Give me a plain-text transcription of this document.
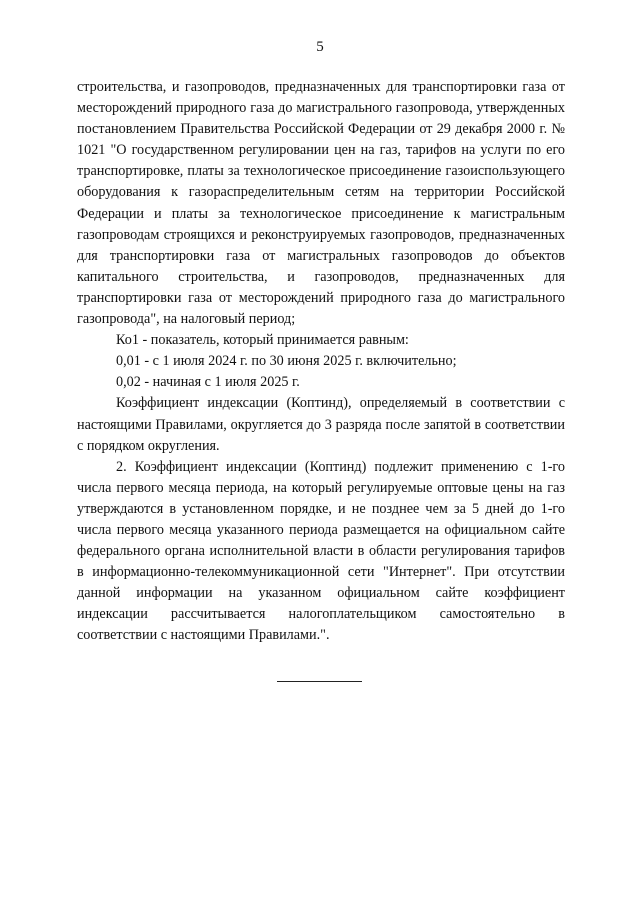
5

строительства, и газопроводов, предназначенных для транспортировки газа от месторождений природного газа до магистрального газопровода, утвержденных постановлением Правительства Российской Федерации от 29 декабря 2000 г. № 1021 "О государственном регулировании цен на газ, тарифов на услуги по его транспортировке, платы за технологическое присоединение газоиспользующего оборудования к газораспределительным сетям на территории Российской Федерации и платы за технологическое присоединение к магистральным газопроводам строящихся и реконструируемых газопроводов, предназначенных для транспортировки газа от магистральных газопроводов до объектов капитального строительства, и газопроводов, предназначенных для транспортировки газа от месторождений природного газа до магистрального газопровода", на налоговый период;

Ко1 - показатель, который принимается равным:

0,01 - с 1 июля 2024 г. по 30 июня 2025 г. включительно;

0,02 - начиная с 1 июля 2025 г.

Коэффициент индексации (Коптинд), определяемый в соответствии с настоящими Правилами, округляется до 3 разряда после запятой в соответствии с порядком округления.

2. Коэффициент индексации (Коптинд) подлежит применению с 1-го числа первого месяца периода, на который регулируемые оптовые цены на газ утверждаются в установленном порядке, и не позднее чем за 5 дней до 1-го числа первого месяца указанного периода размещается на официальном сайте федерального органа исполнительной власти в области регулирования тарифов в информационно-телекоммуникационной сети "Интернет". При отсутствии данной информации на указанном официальном сайте коэффициент индексации рассчитывается налогоплательщиком самостоятельно в соответствии с настоящими Правилами.".
